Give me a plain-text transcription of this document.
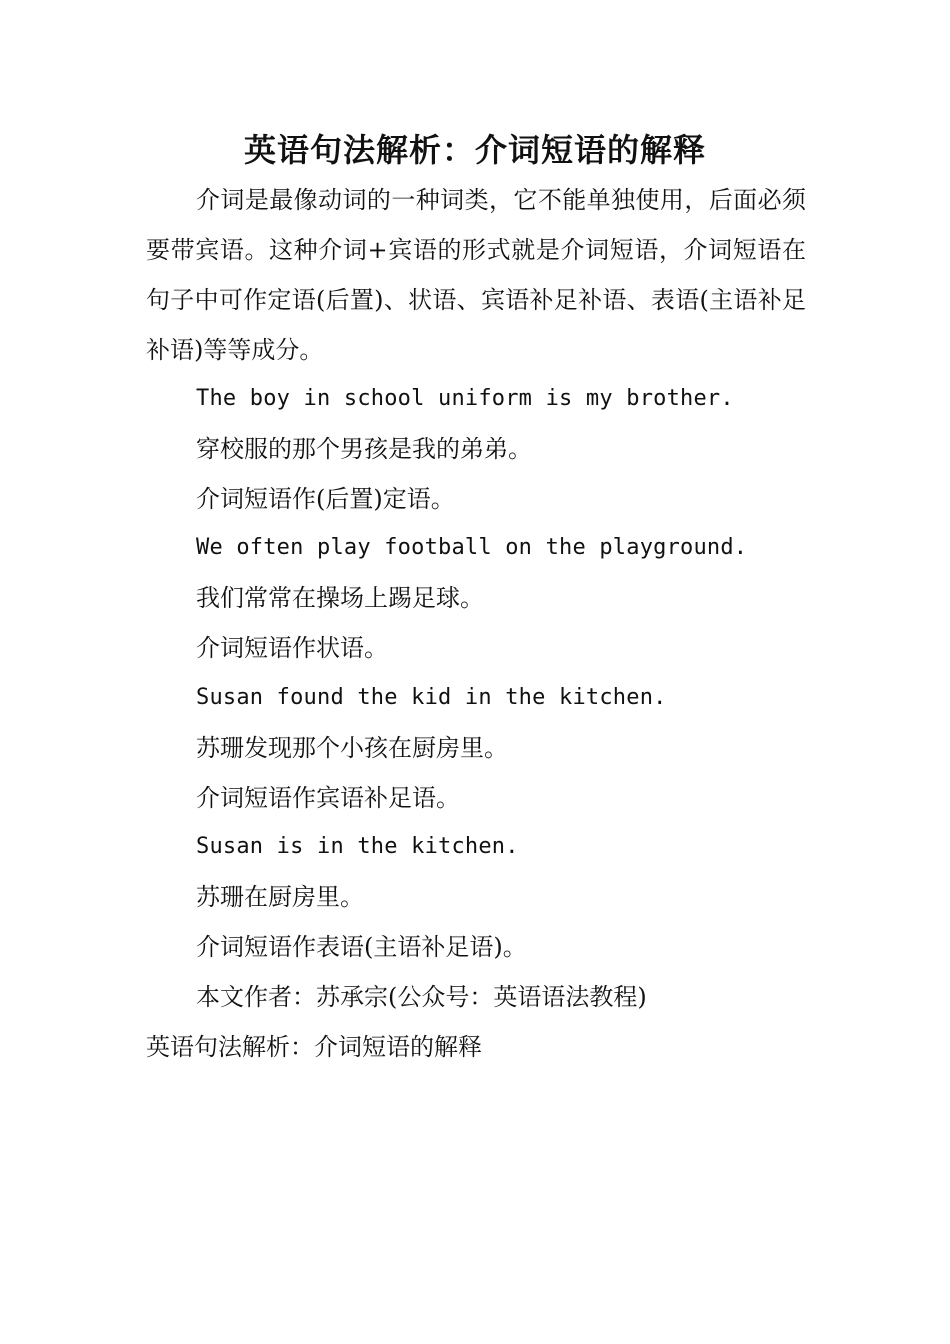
英语句法解析：介词短语的解释

介词是最像动词的一种词类，它不能单独使用，后面必须要带宾语。这种介词+宾语的形式就是介词短语，介词短语在句子中可作定语(后置)、状语、宾语补足补语、表语(主语补足补语)等等成分。

The boy in school uniform is my brother.

穿校服的那个男孩是我的弟弟。

介词短语作(后置)定语。

We often play football on the playground.

我们常常在操场上踢足球。

介词短语作状语。

Susan found the kid in the kitchen.

苏珊发现那个小孩在厨房里。

介词短语作宾语补足语。

Susan is in the kitchen.

苏珊在厨房里。

介词短语作表语(主语补足语)。

本文作者：苏承宗(公众号：英语语法教程)

英语句法解析：介词短语的解释
